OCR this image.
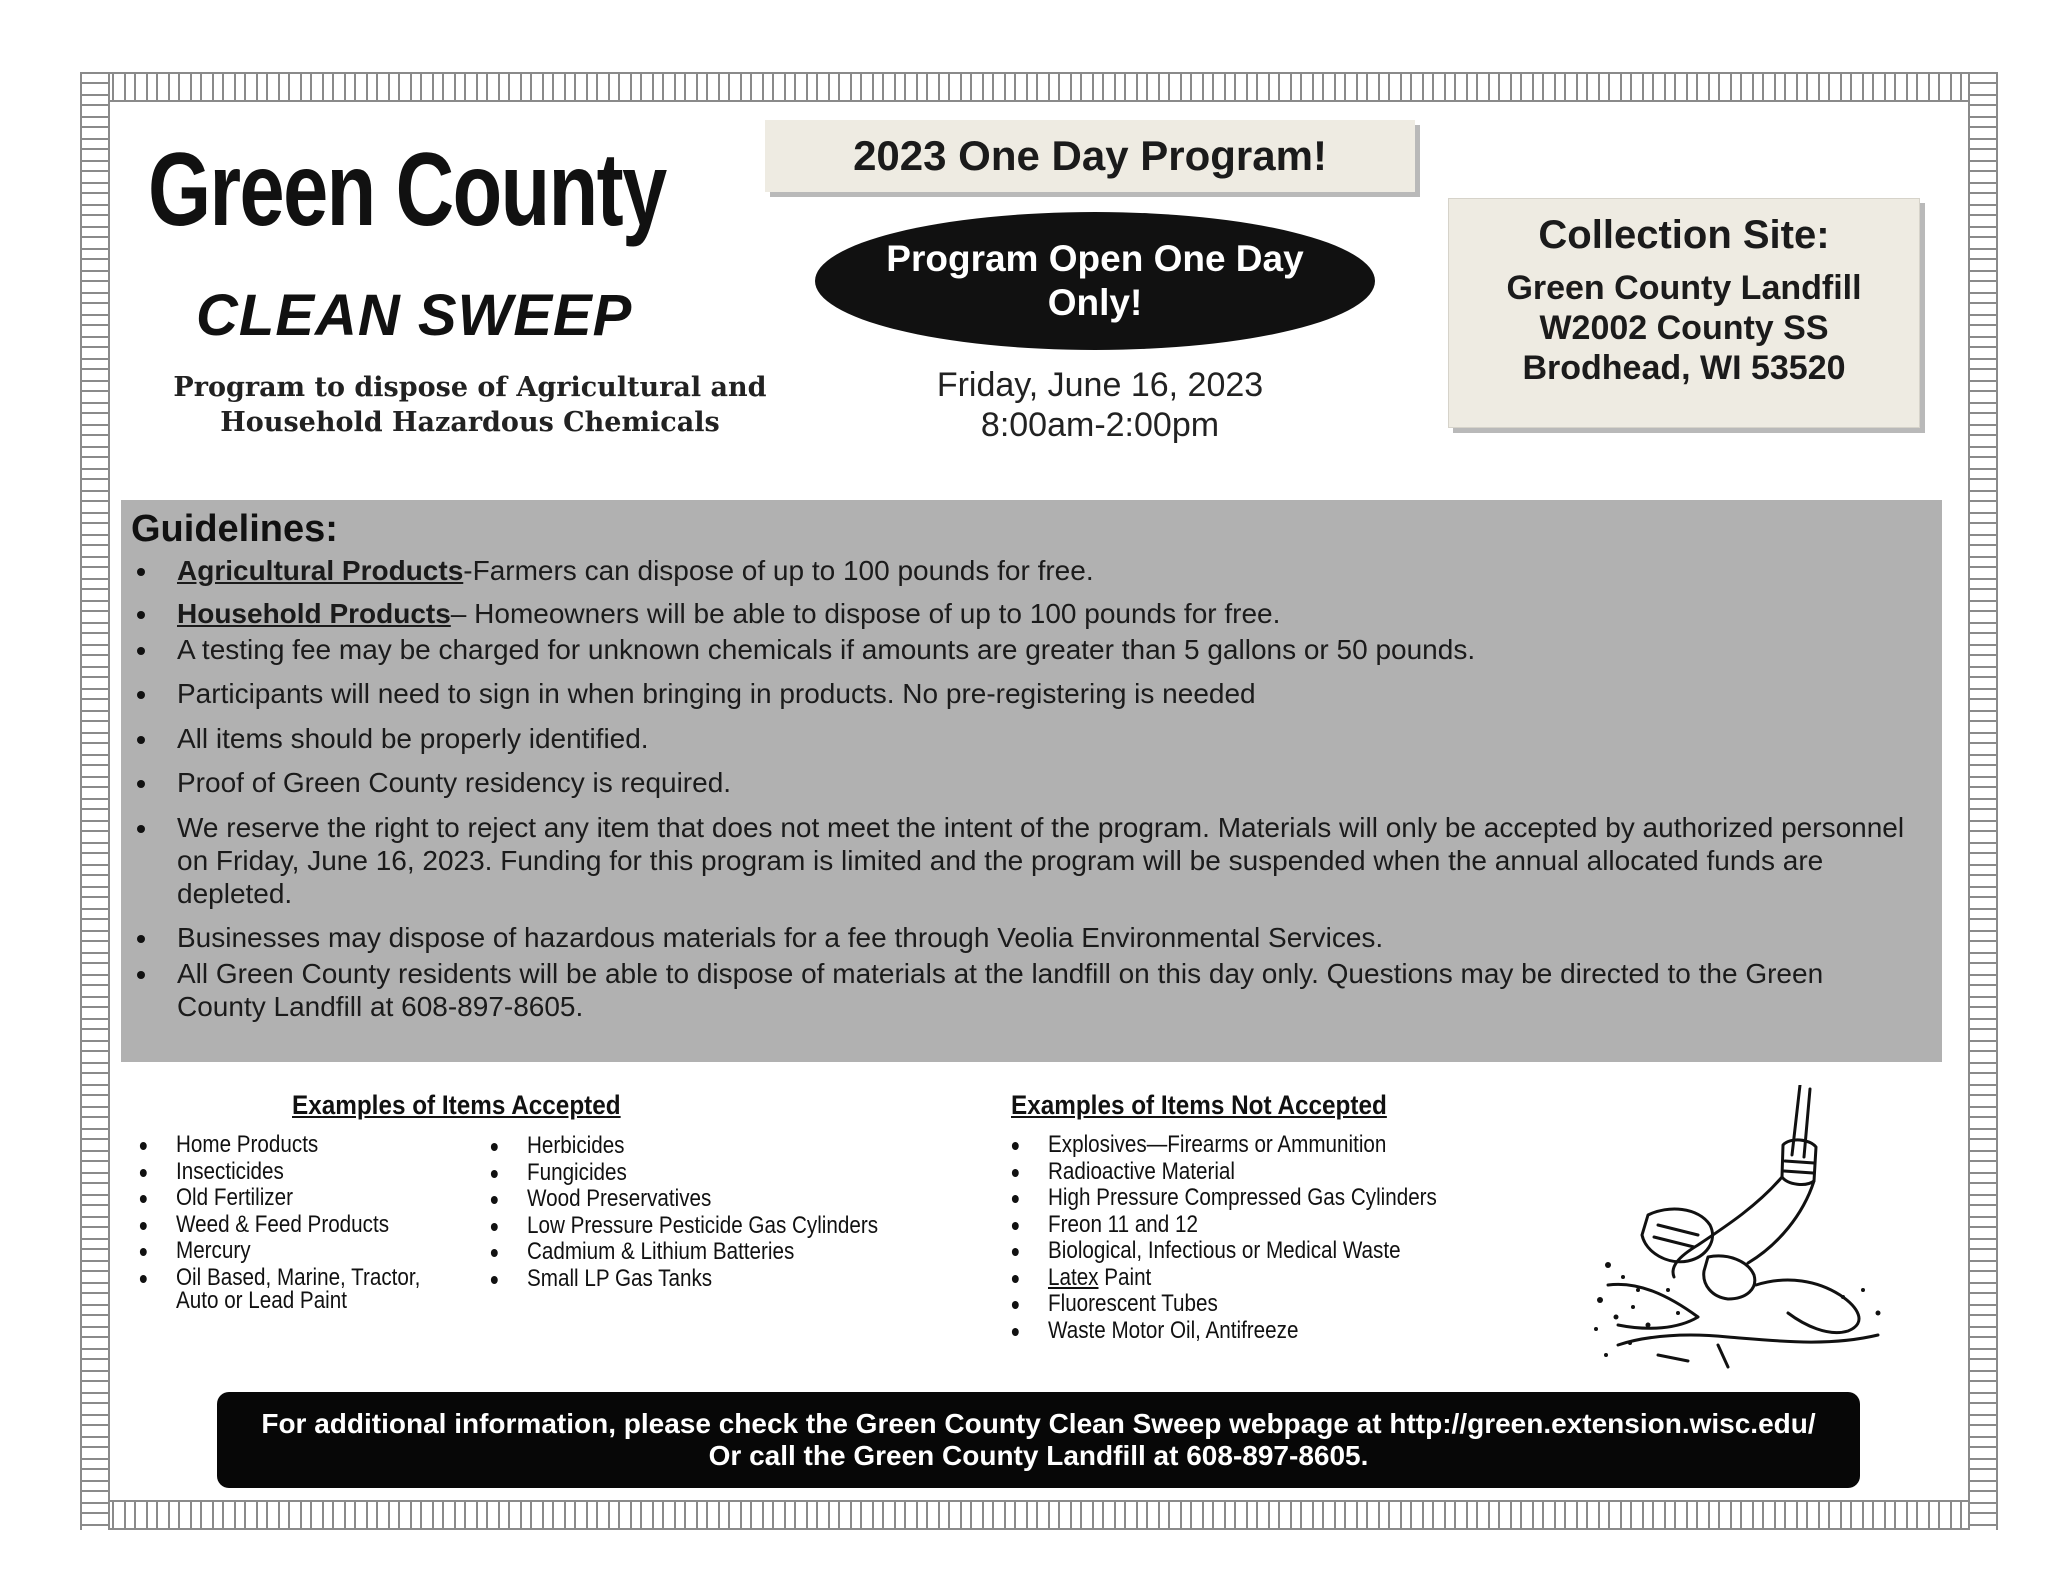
Green County
CLEAN SWEEP
Program to dispose of Agricultural and
Household Hazardous Chemicals
2023 One Day Program!
Program Open One Day Only!
Friday, June 16, 2023
8:00am-2:00pm
Collection Site:
Green County Landfill
W2002 County SS
Brodhead, WI 53520
Guidelines:
Agricultural Products-Farmers can dispose of up to 100 pounds for free.
Household Products– Homeowners will be able to dispose of up to 100 pounds for free.
A testing fee may be charged for unknown chemicals if amounts are greater than 5 gallons or 50 pounds.
Participants will need to sign in when bringing in products. No pre-registering is needed
All items should be properly identified.
Proof of Green County residency is required.
We reserve the right to reject any item that does not meet the intent of the program. Materials will only be accepted by authorized personnel on Friday, June 16, 2023. Funding for this program is limited and the program will be suspended when the annual allocated funds are depleted.
Businesses may dispose of hazardous materials for a fee through Veolia Environmental Services.
All Green County residents will be able to dispose of materials at the landfill on this day only. Questions may be directed to the Green County Landfill at 608-897-8605.
Examples of Items Accepted
Home Products
Insecticides
Old Fertilizer
Weed & Feed Products
Mercury
Oil Based, Marine, Tractor,
Auto or Lead Paint
Herbicides
Fungicides
Wood Preservatives
Low Pressure Pesticide Gas Cylinders
Cadmium & Lithium Batteries
Small LP Gas Tanks
Examples of Items Not Accepted
Explosives—Firearms or Ammunition
Radioactive Material
High Pressure Compressed Gas Cylinders
Freon 11 and 12
Biological, Infectious or Medical Waste
Latex Paint
Fluorescent Tubes
Waste Motor Oil, Antifreeze
For additional information, please check the Green County Clean Sweep webpage at http://green.extension.wisc.edu/
Or call the Green County Landfill at 608-897-8605.
